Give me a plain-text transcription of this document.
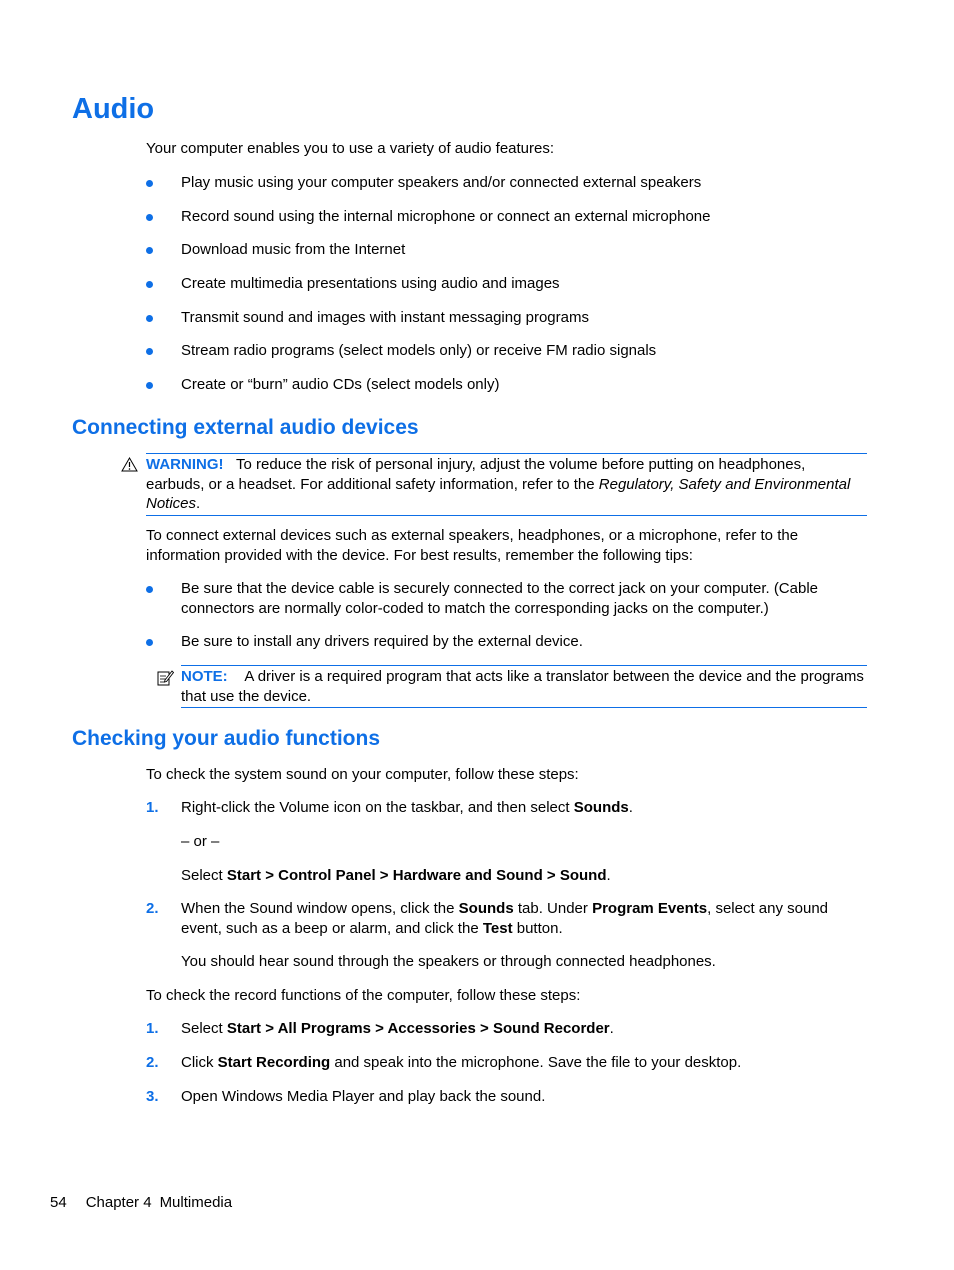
Audio

Your computer enables you to use a variety of audio features:

Play music using your computer speakers and/or connected external speakers
Record sound using the internal microphone or connect an external microphone
Download music from the Internet
Create multimedia presentations using audio and images
Transmit sound and images with instant messaging programs
Stream radio programs (select models only) or receive FM radio signals
Create or “burn” audio CDs (select models only)
Connecting external audio devices
WARNING! To reduce the risk of personal injury, adjust the volume before putting on headphones, earbuds, or a headset. For additional safety information, refer to the Regulatory, Safety and Environmental Notices.

To connect external devices such as external speakers, headphones, or a microphone, refer to the information provided with the device. For best results, remember the following tips:

Be sure that the device cable is securely connected to the correct jack on your computer. (Cable connectors are normally color-coded to match the corresponding jacks on the computer.)
Be sure to install any drivers required by the external device.
NOTE: A driver is a required program that acts like a translator between the device and the programs that use the device.
Checking your audio functions

To check the system sound on your computer, follow these steps:

1. Right-click the Volume icon on the taskbar, and then select Sounds.

– or –

Select Start > Control Panel > Hardware and Sound > Sound.

2. When the Sound window opens, click the Sounds tab. Under Program Events, select any sound event, such as a beep or alarm, and click the Test button.

You should hear sound through the speakers or through connected headphones.

To check the record functions of the computer, follow these steps:

1. Select Start > All Programs > Accessories > Sound Recorder.
2. Click Start Recording and speak into the microphone. Save the file to your desktop.
3. Open Windows Media Player and play back the sound.
54 Chapter 4 Multimedia
